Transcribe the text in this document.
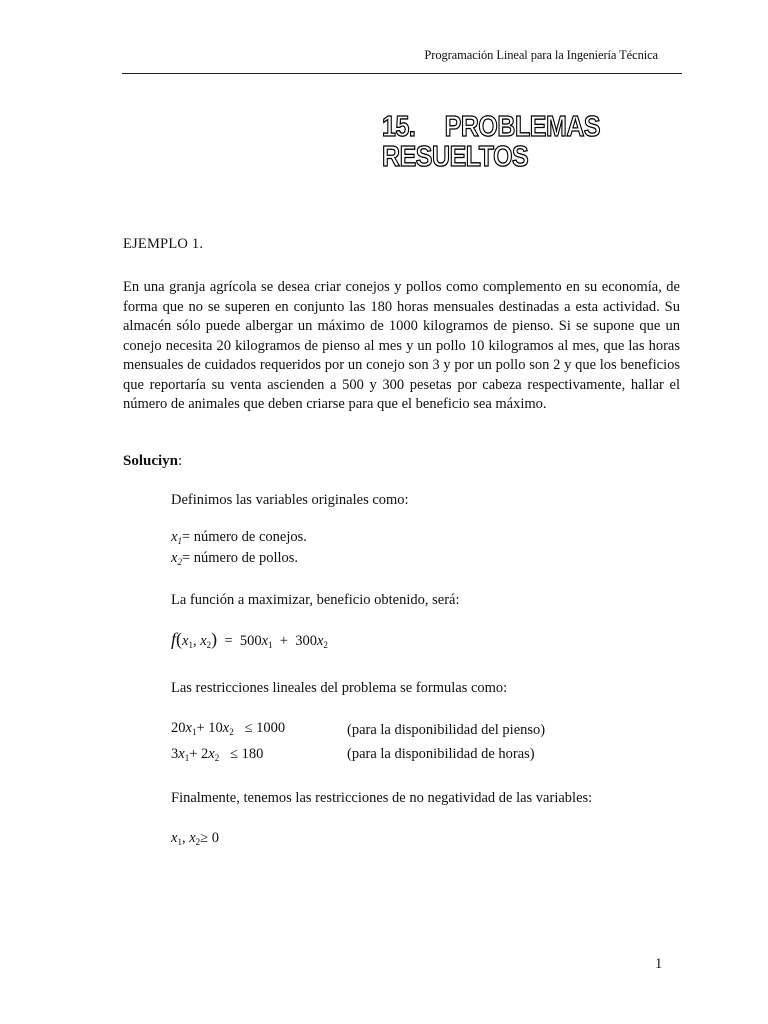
Programación Lineal para la Ingeniería Técnica
15. PROBLEMAS
RESUELTOS
EJEMPLO 1.

En una granja agrícola se desea criar conejos y pollos como complemento en su economía, de forma que no se superen en conjunto las 180 horas mensuales destinadas a esta actividad. Su almacén sólo puede albergar un máximo de 1000 kilogramos de pienso. Si se supone que un conejo necesita 20 kilogramos de pienso al mes y un pollo 10 kilogramos al mes, que las horas mensuales de cuidados requeridos por un conejo son 3 y por un pollo son 2 y que los beneficios que reportaría su venta ascienden a 500 y 300 pesetas por cabeza respectivamente, hallar el número de animales que deben criarse para que el beneficio sea máximo.

Soluciyn:
Definimos las variables originales como:
$x_1=$ número de conejos.
$x_2=$ número de pollos.
La función a maximizar, beneficio obtenido, será:
$f(x_1$, $x_2) = 500x_1 + 300x_2$
Las restricciones lineales del problema se formulas como:
$20x_1+ 10x_2 \le 1000$	(para la disponibilidad del pienso)
$3x_1+ 2x_2 \le 180$	(para la disponibilidad de horas)
Finalmente, tenemos las restricciones de no negatividad de las variables:
$x_1$, $x_2\ge 0$
1
